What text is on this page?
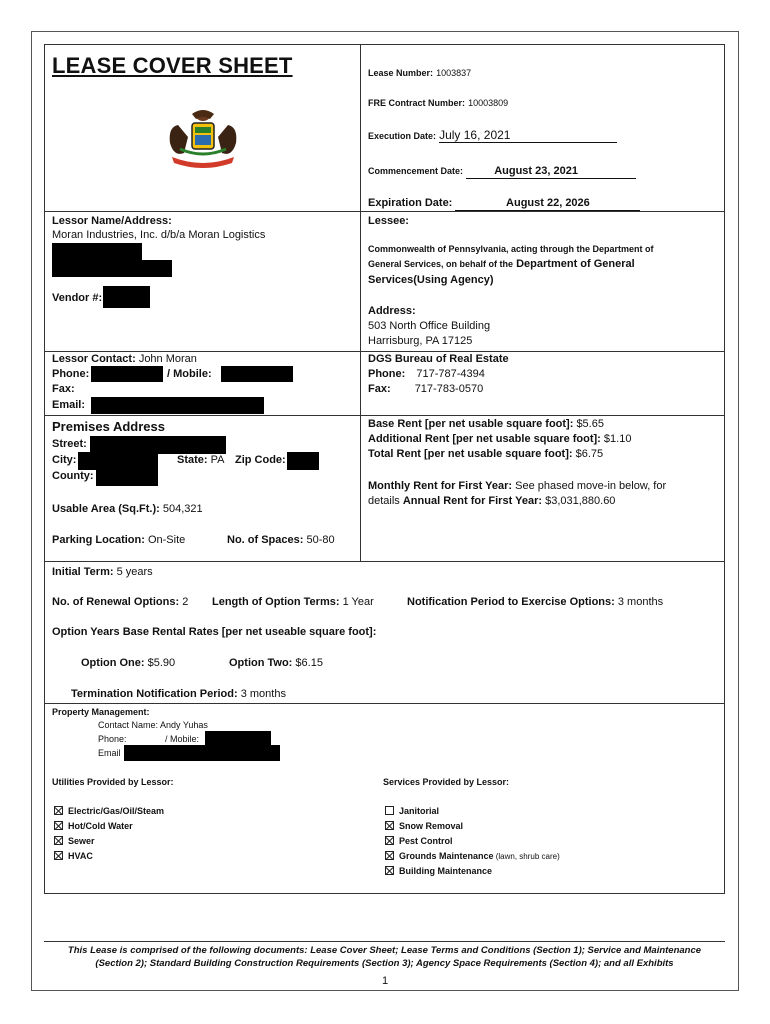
LEASE COVER SHEET	Lease Number: 1003837
FRE Contract Number: 10003809
Execution Date: July 16, 2021
Commencement Date:	August 23, 2021
Expiration Date:	August 22, 2026
Lessor Name/Address:
Moran Industries, Inc. d/b/a Moran Logistics
Vendor #:
Lessee:
Commonwealth of Pennsylvania, acting through the Department of
General Services, on behalf of the Department of General
Services(Using Agency)
Address:
503 North Office Building
Harrisburg, PA 17125
Lessor Contact: John Moran
Phone:	/ Mobile:
Fax:
Email:
DGS Bureau of Real Estate
Phone: 717-787-4394
Fax: 717-783-0570
Premises Address
Street:
City:	State: PA Zip Code:
County:
Usable Area (Sq.Ft.): 504,321
Parking Location: On-Site	No. of Spaces: 50-80
Base Rent [per net usable square foot]: $5.65
Additional Rent [per net usable square foot]: $1.10
Total Rent [per net usable square foot]: $6.75
Monthly Rent for First Year: See phased move-in below, for
details Annual Rent for First Year: $3,031,880.60
Initial Term: 5 years
No. of Renewal Options: 2 Length of Option Terms: 1 Year	Notification Period to Exercise Options: 3 months
Option Years Base Rental Rates [per net useable square foot]:
Option One: $5.90	Option Two: $6.15
Termination Notification Period: 3 months
Property Management:
Contact Name: Andy Yuhas
Phone:	/ Mobile:
Email
Utilities Provided by Lessor:
Electric/Gas/Oil/Steam
Hot/Cold Water
Sewer
HVAC
Services Provided by Lessor:
Janitorial
Snow Removal
Pest Control
Grounds Maintenance (lawn, shrub care)
Building Maintenance
This Lease is comprised of the following documents: Lease Cover Sheet; Lease Terms and Conditions (Section 1); Service and Maintenance
(Section 2); Standard Building Construction Requirements (Section 3); Agency Space Requirements (Section 4); and all Exhibits
1
